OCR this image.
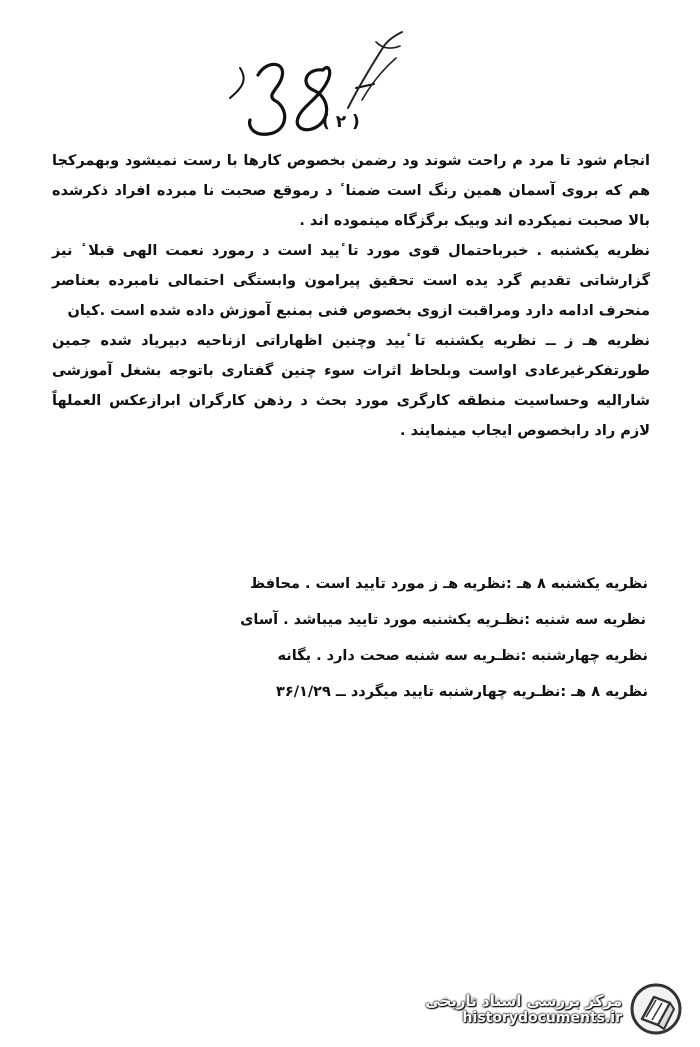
( ۲ )

انجام شود تا مرد م راحت شوند ود رضمن بخصوص کارها با رست نمیشود وبهمرکجا هم که بروی آسمان همین رنگ است ضمنا ٔ د رموقع صحبت نا مبرده افراد ذکرشده بالا صحبت نمیکرده اند وبیک برگزگاه مینموده اند .

نظریه یکشنبه . خبرباحتمال قوی مورد تا ٔیید است د رمورد نعمت الهی قبلا ٔ نیز گزارشاتی تقدیم گرد یده است تحقیق پیرامون وابستگی احتمالی نامبرده بعناصر منحرف ادامه دارد ومراقبت ازوی بخصوص فنی بمنبع آموزش داده شده است .کیان

نظریه هـ ز ــ نظریه یکشنبه تا ٔیید وچنین اظهاراتی ازناحیه دبیریاد شده جمین طورتفکرغیرعادی اواست وبلحاظ اثرات سوء چنین گفتاری باتوجه بشغل آموزشی شارالیه وحساسیت منطقه کارگری مورد بحث د رذهن کارگران ابرازعکس العملهاً لازم راد رابخصوص ایجاب مینمایند .

نظریه یکشنبه ۸ هـ :نظریه هـ ز مورد تایید است . محافظ
نظریه سه شنبه :نظـریه یکشنبه مورد تایید میباشد . آسای
نظریه چهارشنبه :نظـریه سه شنبه صحت دارد . یگانه
نظریه ۸ هـ :نظـریه چهارشنبه تایید میگردد ــ ۳۶/۱/۲۹
مرکز بررسی اسناد تاریخی
historydocuments.ir
